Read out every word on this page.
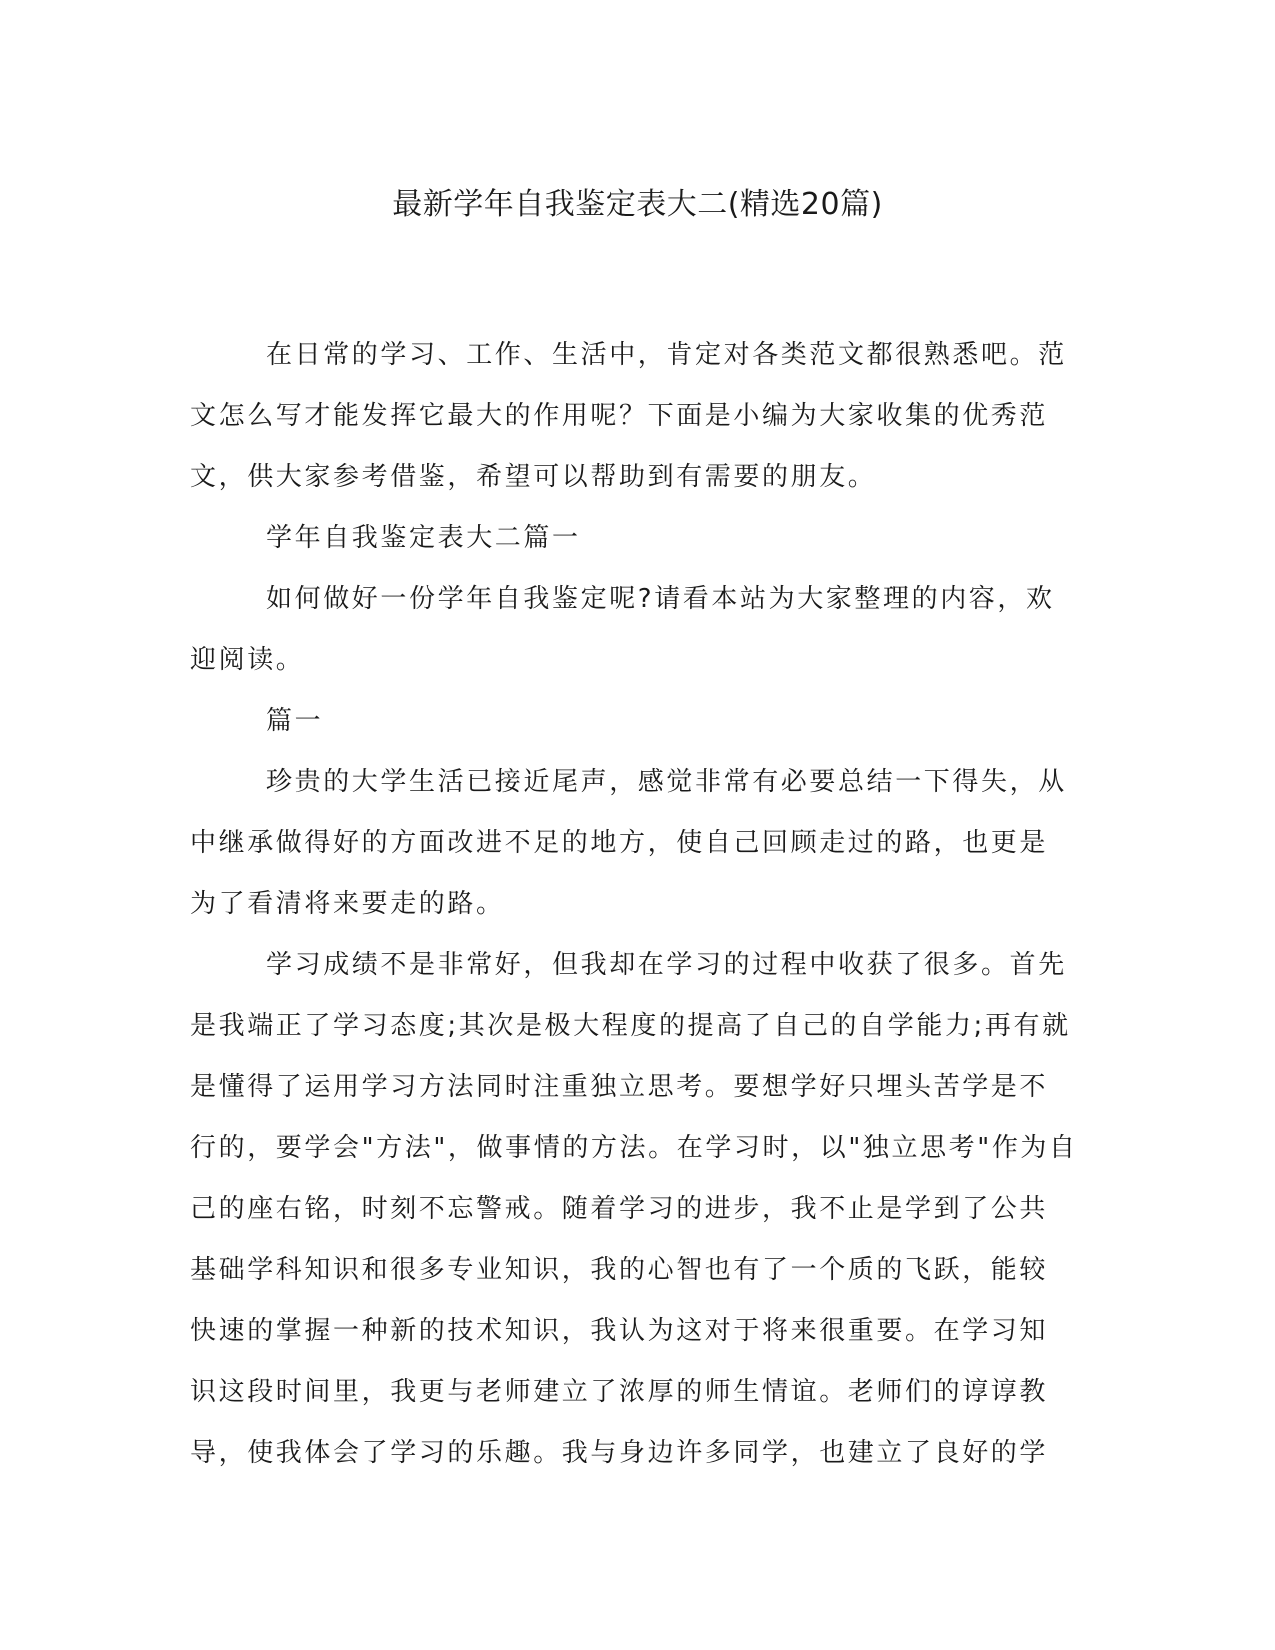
最新学年自我鉴定表大二(精选20篇)

在日常的学习、工作、生活中，肯定对各类范文都很熟悉吧。范

文怎么写才能发挥它最大的作用呢？下面是小编为大家收集的优秀范

文，供大家参考借鉴，希望可以帮助到有需要的朋友。

学年自我鉴定表大二篇一

如何做好一份学年自我鉴定呢?请看本站为大家整理的内容，欢

迎阅读。

篇一

珍贵的大学生活已接近尾声，感觉非常有必要总结一下得失，从

中继承做得好的方面改进不足的地方，使自己回顾走过的路，也更是

为了看清将来要走的路。

学习成绩不是非常好，但我却在学习的过程中收获了很多。首先

是我端正了学习态度;其次是极大程度的提高了自己的自学能力;再有就

是懂得了运用学习方法同时注重独立思考。要想学好只埋头苦学是不

行的，要学会"方法"，做事情的方法。在学习时，以"独立思考"作为自

己的座右铭，时刻不忘警戒。随着学习的进步，我不止是学到了公共

基础学科知识和很多专业知识，我的心智也有了一个质的飞跃，能较

快速的掌握一种新的技术知识，我认为这对于将来很重要。在学习知

识这段时间里，我更与老师建立了浓厚的师生情谊。老师们的谆谆教

导，使我体会了学习的乐趣。我与身边许多同学，也建立了良好的学
